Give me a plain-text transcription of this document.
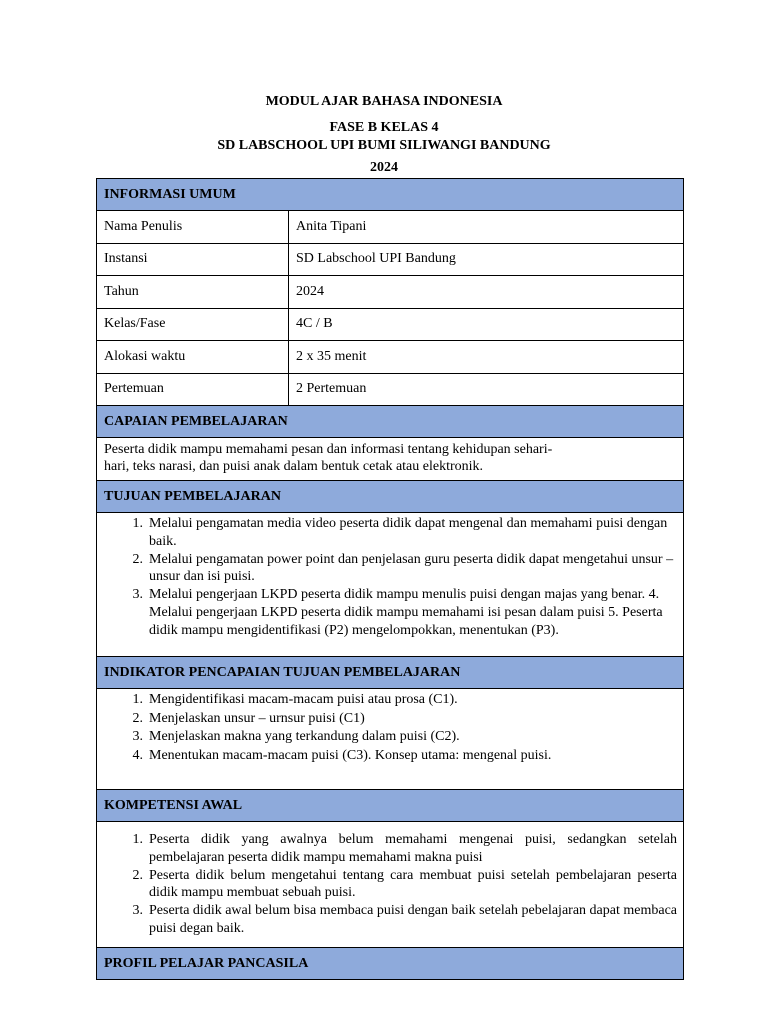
MODUL AJAR BAHASA INDONESIA
FASE B KELAS 4
SD LABSCHOOL UPI BUMI SILIWANGI BANDUNG
2024
INFORMASI UMUM
Nama Penulis	Anita Tipani
Instansi	SD Labschool UPI Bandung
Tahun	2024
Kelas/Fase	4C / B
Alokasi waktu	2 x 35 menit
Pertemuan	2 Pertemuan
CAPAIAN PEMBELAJARAN
Peserta didik mampu memahami pesan dan informasi tentang kehidupan sehari-
hari, teks narasi, dan puisi anak dalam bentuk cetak atau elektronik.
TUJUAN PEMBELAJARAN
1. Melalui pengamatan media video peserta didik dapat mengenal dan memahami puisi dengan baik.
2. Melalui pengamatan power point dan penjelasan guru peserta didik dapat mengetahui unsur – unsur dan isi puisi.
3. Melalui pengerjaan LKPD peserta didik mampu menulis puisi dengan majas yang benar. 4. Melalui pengerjaan LKPD peserta didik mampu memahami isi pesan dalam puisi 5. Peserta didik mampu mengidentifikasi (P2) mengelompokkan, menentukan (P3).
INDIKATOR PENCAPAIAN TUJUAN PEMBELAJARAN
1. Mengidentifikasi macam-macam puisi atau prosa (C1).
2. Menjelaskan unsur – urnsur puisi (C1)
3. Menjelaskan makna yang terkandung dalam puisi (C2).
4. Menentukan macam-macam puisi (C3). Konsep utama: mengenal puisi.
KOMPETENSI AWAL
1. Peserta didik yang awalnya belum memahami mengenai puisi, sedangkan setelah pembelajaran peserta didik mampu memahami makna puisi
2. Peserta didik belum mengetahui tentang cara membuat puisi setelah pembelajaran peserta didik mampu membuat sebuah puisi.
3. Peserta didik awal belum bisa membaca puisi dengan baik setelah pebelajaran dapat membaca puisi degan baik.
PROFIL PELAJAR PANCASILA
